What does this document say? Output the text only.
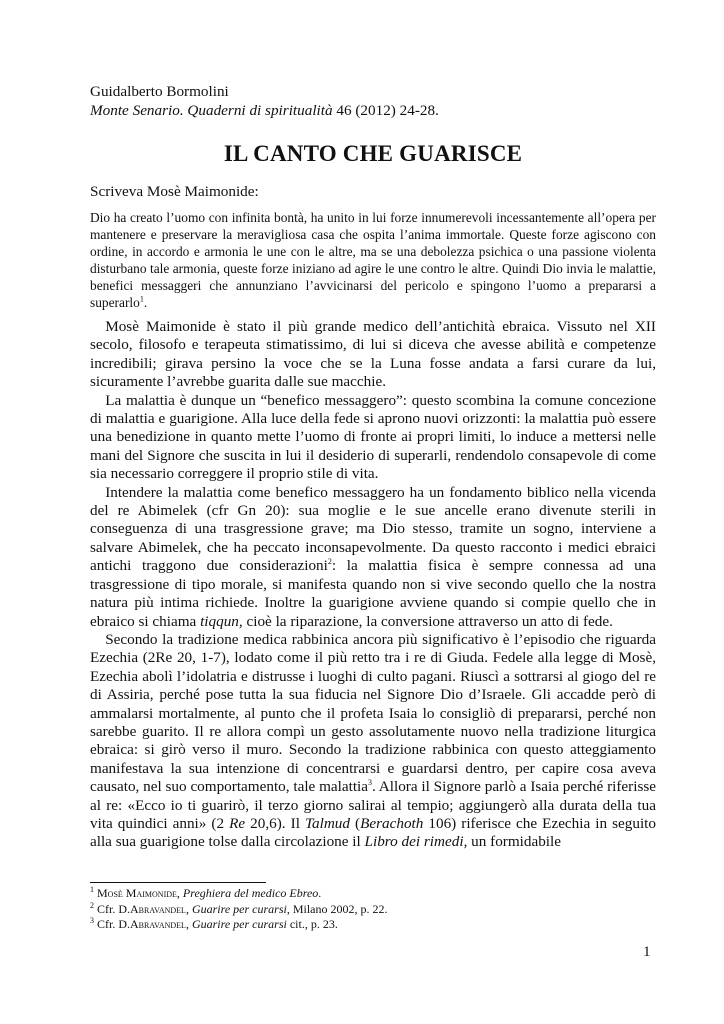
Guidalberto Bormolini

Monte Senario. Quaderni di spiritualità 46 (2012) 24-28.

IL CANTO CHE GUARISCE

Scriveva Mosè Maimonide:

Dio ha creato l’uomo con infinita bontà, ha unito in lui forze innumerevoli incessantemente all’opera per mantenere e preservare la meravigliosa casa che ospita l’anima immortale. Queste forze agiscono con ordine, in accordo e armonia le une con le altre, ma se una debolezza psichica o una passione violenta disturbano tale armonia, queste forze iniziano ad agire le une contro le altre. Quindi Dio invia le malattie, benefici messaggeri che annunziano l’avvicinarsi del pericolo e spingono l’uomo a prepararsi a superarlo$^1$.

 Mosè Maimonide è stato il più grande medico dell’antichità ebraica. Vissuto nel XII secolo, filosofo e terapeuta stimatissimo, di lui si diceva che avesse abilità e competenze incredibili; girava persino la voce che se la Luna fosse andata a farsi curare da lui, sicuramente l’avrebbe guarita dalle sue macchie.

 La malattia è dunque un “benefico messaggero”: questo scombina la comune concezione di malattia e guarigione. Alla luce della fede si aprono nuovi orizzonti: la malattia può essere una benedizione in quanto mette l’uomo di fronte ai propri limiti, lo induce a mettersi nelle mani del Signore che suscita in lui il desiderio di superarli, rendendolo consapevole di come sia necessario correggere il proprio stile di vita.

 Intendere la malattia come benefico messaggero ha un fondamento biblico nella vicenda del re Abimelek (cfr Gn 20): sua moglie e le sue ancelle erano divenute sterili in conseguenza di una trasgressione grave; ma Dio stesso, tramite un sogno, interviene a salvare Abimelek, che ha peccato inconsapevolmente. Da questo racconto i medici ebraici antichi traggono due considerazioni$^2$: la malattia fisica è sempre connessa ad una trasgressione di tipo morale, si manifesta quando non si vive secondo quello che la nostra natura più intima richiede. Inoltre la guarigione avviene quando si compie quello che in ebraico si chiama tiqqun, cioè la riparazione, la conversione attraverso un atto di fede.

 Secondo la tradizione medica rabbinica ancora più significativo è l’episodio che riguarda Ezechia (2Re 20, 1-7), lodato come il più retto tra i re di Giuda. Fedele alla legge di Mosè, Ezechia abolì l’idolatria e distrusse i luoghi di culto pagani. Riuscì a sottrarsi al giogo del re di Assiria, perché pose tutta la sua fiducia nel Signore Dio d’Israele. Gli accadde però di ammalarsi mortalmente, al punto che il profeta Isaia lo consigliò di prepararsi, perché non sarebbe guarito. Il re allora compì un gesto assolutamente nuovo nella tradizione liturgica ebraica: si girò verso il muro. Secondo la tradizione rabbinica con questo atteggiamento manifestava la sua intenzione di concentrarsi e guardarsi dentro, per capire cosa aveva causato, nel suo comportamento, tale malattia$^3$. Allora il Signore parlò a Isaia perché riferisse al re: «Ecco io ti guarirò, il terzo giorno salirai al tempio; aggiungerò alla durata della tua vita quindici anni» (2 Re 20,6). Il Talmud (Berachoth 106) riferisce che Ezechia in seguito alla sua guarigione tolse dalla circolazione il Libro dei rimedi, un formidabile

$^1$ Mosè Maimonide, Preghiera del medico Ebreo.

$^2$ Cfr. D.Abravandel, Guarire per curarsi, Milano 2002, p. 22.

$^3$ Cfr. D.Abravandel, Guarire per curarsi cit., p. 23.

1
